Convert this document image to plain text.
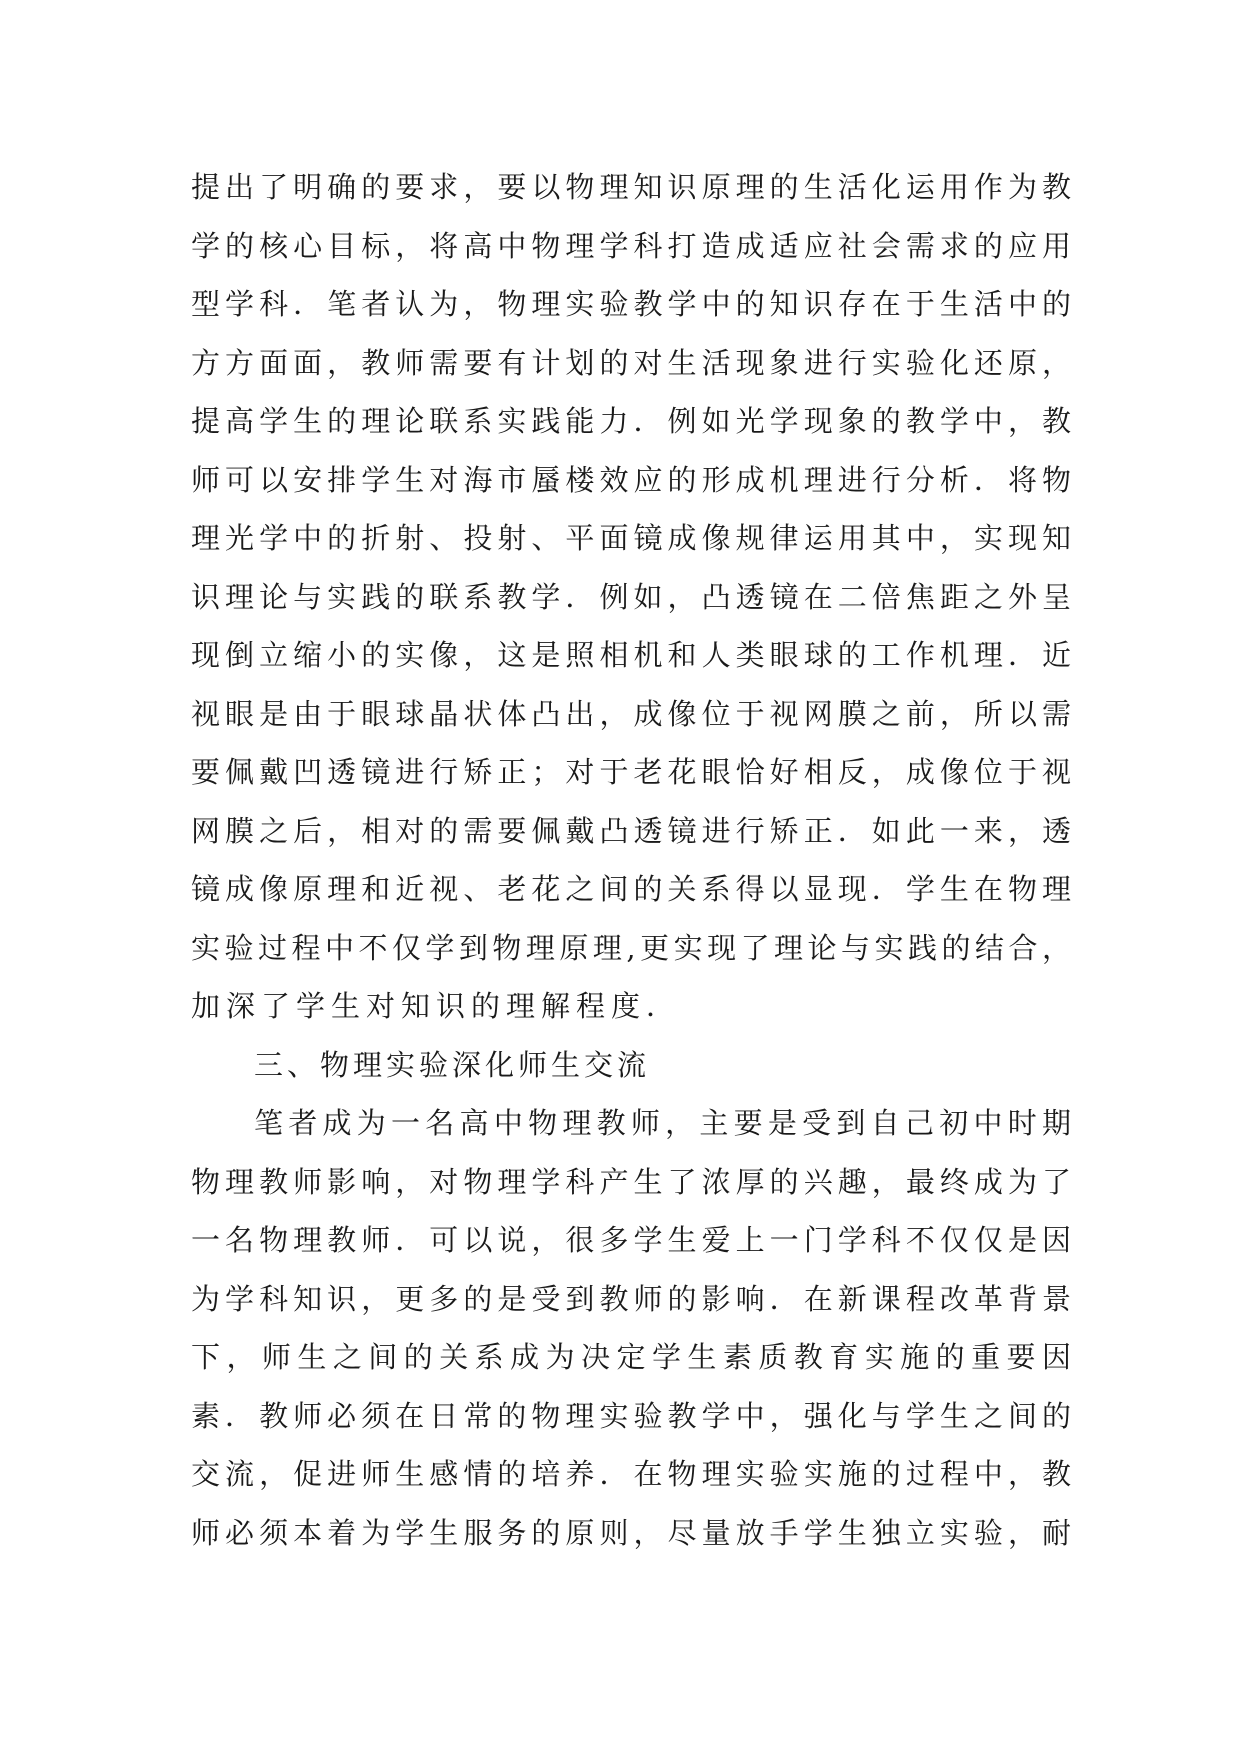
提出了明确的要求，要以物理知识原理的生活化运用作为教
学的核心目标，将高中物理学科打造成适应社会需求的应用
型学科．笔者认为，物理实验教学中的知识存在于生活中的
方方面面，教师需要有计划的对生活现象进行实验化还原，
提高学生的理论联系实践能力．例如光学现象的教学中，教
师可以安排学生对海市蜃楼效应的形成机理进行分析．将物
理光学中的折射、投射、平面镜成像规律运用其中，实现知
识理论与实践的联系教学．例如，凸透镜在二倍焦距之外呈
现倒立缩小的实像，这是照相机和人类眼球的工作机理．近
视眼是由于眼球晶状体凸出，成像位于视网膜之前，所以需
要佩戴凹透镜进行矫正；对于老花眼恰好相反，成像位于视
网膜之后，相对的需要佩戴凸透镜进行矫正．如此一来，透
镜成像原理和近视、老花之间的关系得以显现．学生在物理
实验过程中不仅学到物理原理,更实现了理论与实践的结合，
加深了学生对知识的理解程度．
三、物理实验深化师生交流
笔者成为一名高中物理教师，主要是受到自己初中时期
物理教师影响，对物理学科产生了浓厚的兴趣，最终成为了
一名物理教师．可以说，很多学生爱上一门学科不仅仅是因
为学科知识，更多的是受到教师的影响．在新课程改革背景
下，师生之间的关系成为决定学生素质教育实施的重要因
素．教师必须在日常的物理实验教学中，强化与学生之间的
交流，促进师生感情的培养．在物理实验实施的过程中，教
师必须本着为学生服务的原则，尽量放手学生独立实验，耐
